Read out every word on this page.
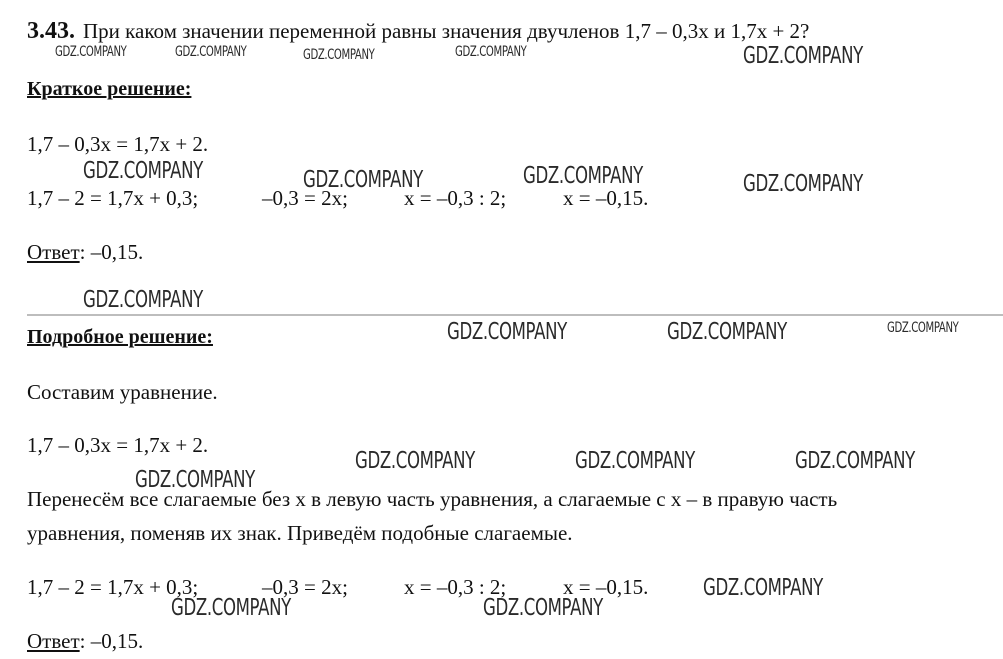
3.43. При каком значении переменной равны значения двучленов 1,7 – 0,3x и 1,7x + 2?
Краткое решение:
1,7 – 0,3x = 1,7x + 2.
1,7 – 2 = 1,7x + 0,3;	–0,3 = 2x;	x = –0,3 : 2;	x = –0,15.
Ответ: –0,15.
Подробное решение:
Составим уравнение.
1,7 – 0,3x = 1,7x + 2.
Перенесём все слагаемые без x в левую часть уравнения, а слагаемые с x – в правую часть
уравнения, поменяв их знак. Приведём подобные слагаемые.
1,7 – 2 = 1,7x + 0,3;	–0,3 = 2x;	x = –0,3 : 2;	x = –0,15.
Ответ: –0,15.
GDZ.COMPANY	GDZ.COMPANY	GDZ.COMPANY	GDZ.COMPANY	GDZ.COMPANY
GDZ.COMPANY	GDZ.COMPANY	GDZ.COMPANY	GDZ.COMPANY
GDZ.COMPANY
GDZ.COMPANY	GDZ.COMPANY	GDZ.COMPANY
GDZ.COMPANY	GDZ.COMPANY	GDZ.COMPANY
GDZ.COMPANY
GDZ.COMPANY
GDZ.COMPANY	GDZ.COMPANY
